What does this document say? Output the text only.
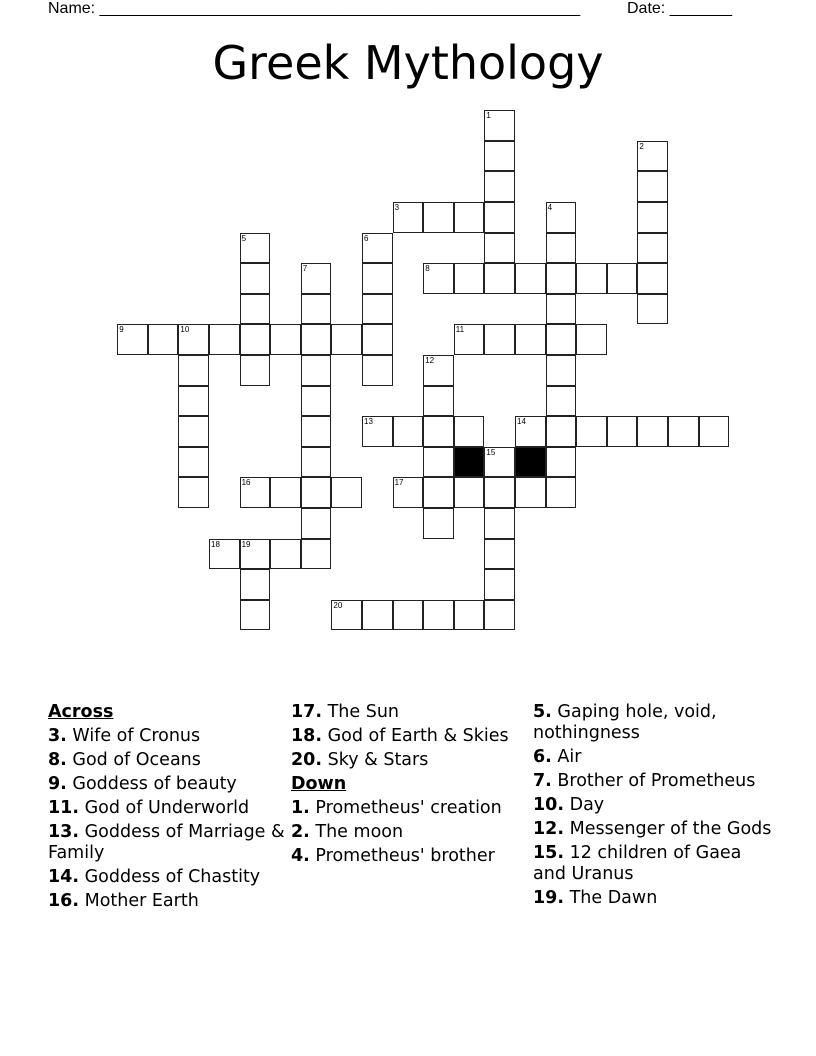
Name: ______________________________________________________	Date: _______
Greek Mythology
1
2
3	4
5	6
7	8
9	10	11
12
13	14
15
16	17
18	19
20
Across
3. Wife of Cronus
8. God of Oceans
9. Goddess of beauty
11. God of Underworld
13. Goddess of Marriage & Family
14. Goddess of Chastity
16. Mother Earth
17. The Sun
18. God of Earth & Skies
20. Sky & Stars
Down
1. Prometheus' creation
2. The moon
4. Prometheus' brother
5. Gaping hole, void, nothingness
6. Air
7. Brother of Prometheus
10. Day
12. Messenger of the Gods
15. 12 children of Gaea and Uranus
19. The Dawn
